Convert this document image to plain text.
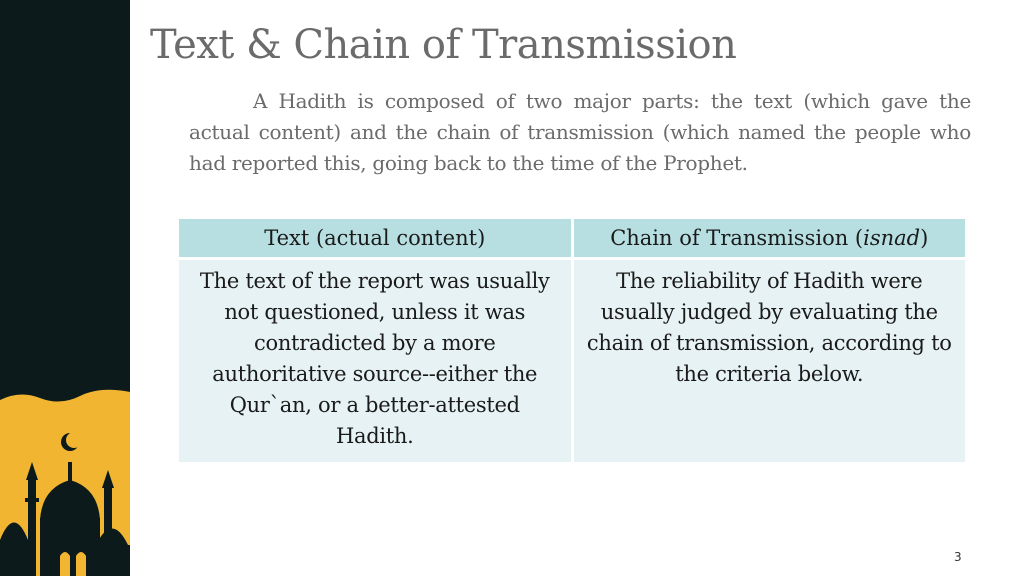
Text & Chain of Transmission
A Hadith is composed of two major parts: the text (which gave the actual content) and the chain of transmission (which named the people who had reported this, going back to the time of the Prophet.
Text (actual content)	Chain of Transmission (isnad)
The text of the report was usually not questioned, unless it was contradicted by a more authoritative source--either the Qur`an, or a better-attested Hadith.	The reliability of Hadith were usually judged by evaluating the chain of transmission, according to the criteria below.
3
